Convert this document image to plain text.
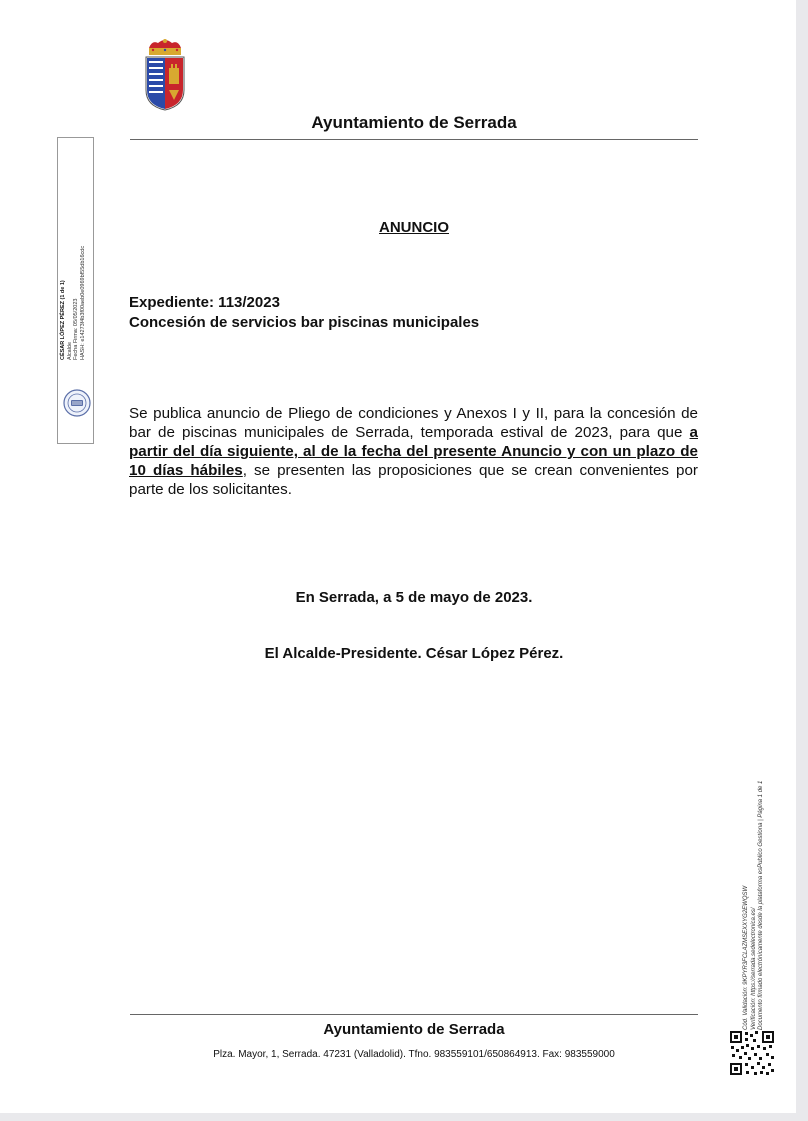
Ayuntamiento de Serrada
CÉSAR LÓPEZ PÉREZ (1 de 1) Alcalde Fecha Firma: 05/05/2023 HASH: e14273f4b3f00aeb0e0969bf55db16cdc
ANUNCIO
Expediente: 113/2023
Concesión de servicios bar piscinas municipales
Se publica anuncio de Pliego de condiciones y Anexos I y II, para la concesión de bar de piscinas municipales de Serrada, temporada estival de 2023, para que a partir del día siguiente, al de la fecha del presente Anuncio y con un plazo de 10 días hábiles, se presenten las proposiciones que se crean convenientes por parte de los solicitantes.
En Serrada, a 5 de mayo de 2023.
El Alcalde-Presidente. César López Pérez.
Ayuntamiento de Serrada
Plza. Mayor, 1, Serrada. 47231 (Valladolid). Tfno. 983559101/650864913. Fax: 983559000
Cód. Validación: 9KPYR3FCLAZMSEXXYG2EWQSW Verificación: https://serrada.sedelectronica.es/ Documento firmado electrónicamente desde la plataforma esPublico Gestiona | Página 1 de 1
